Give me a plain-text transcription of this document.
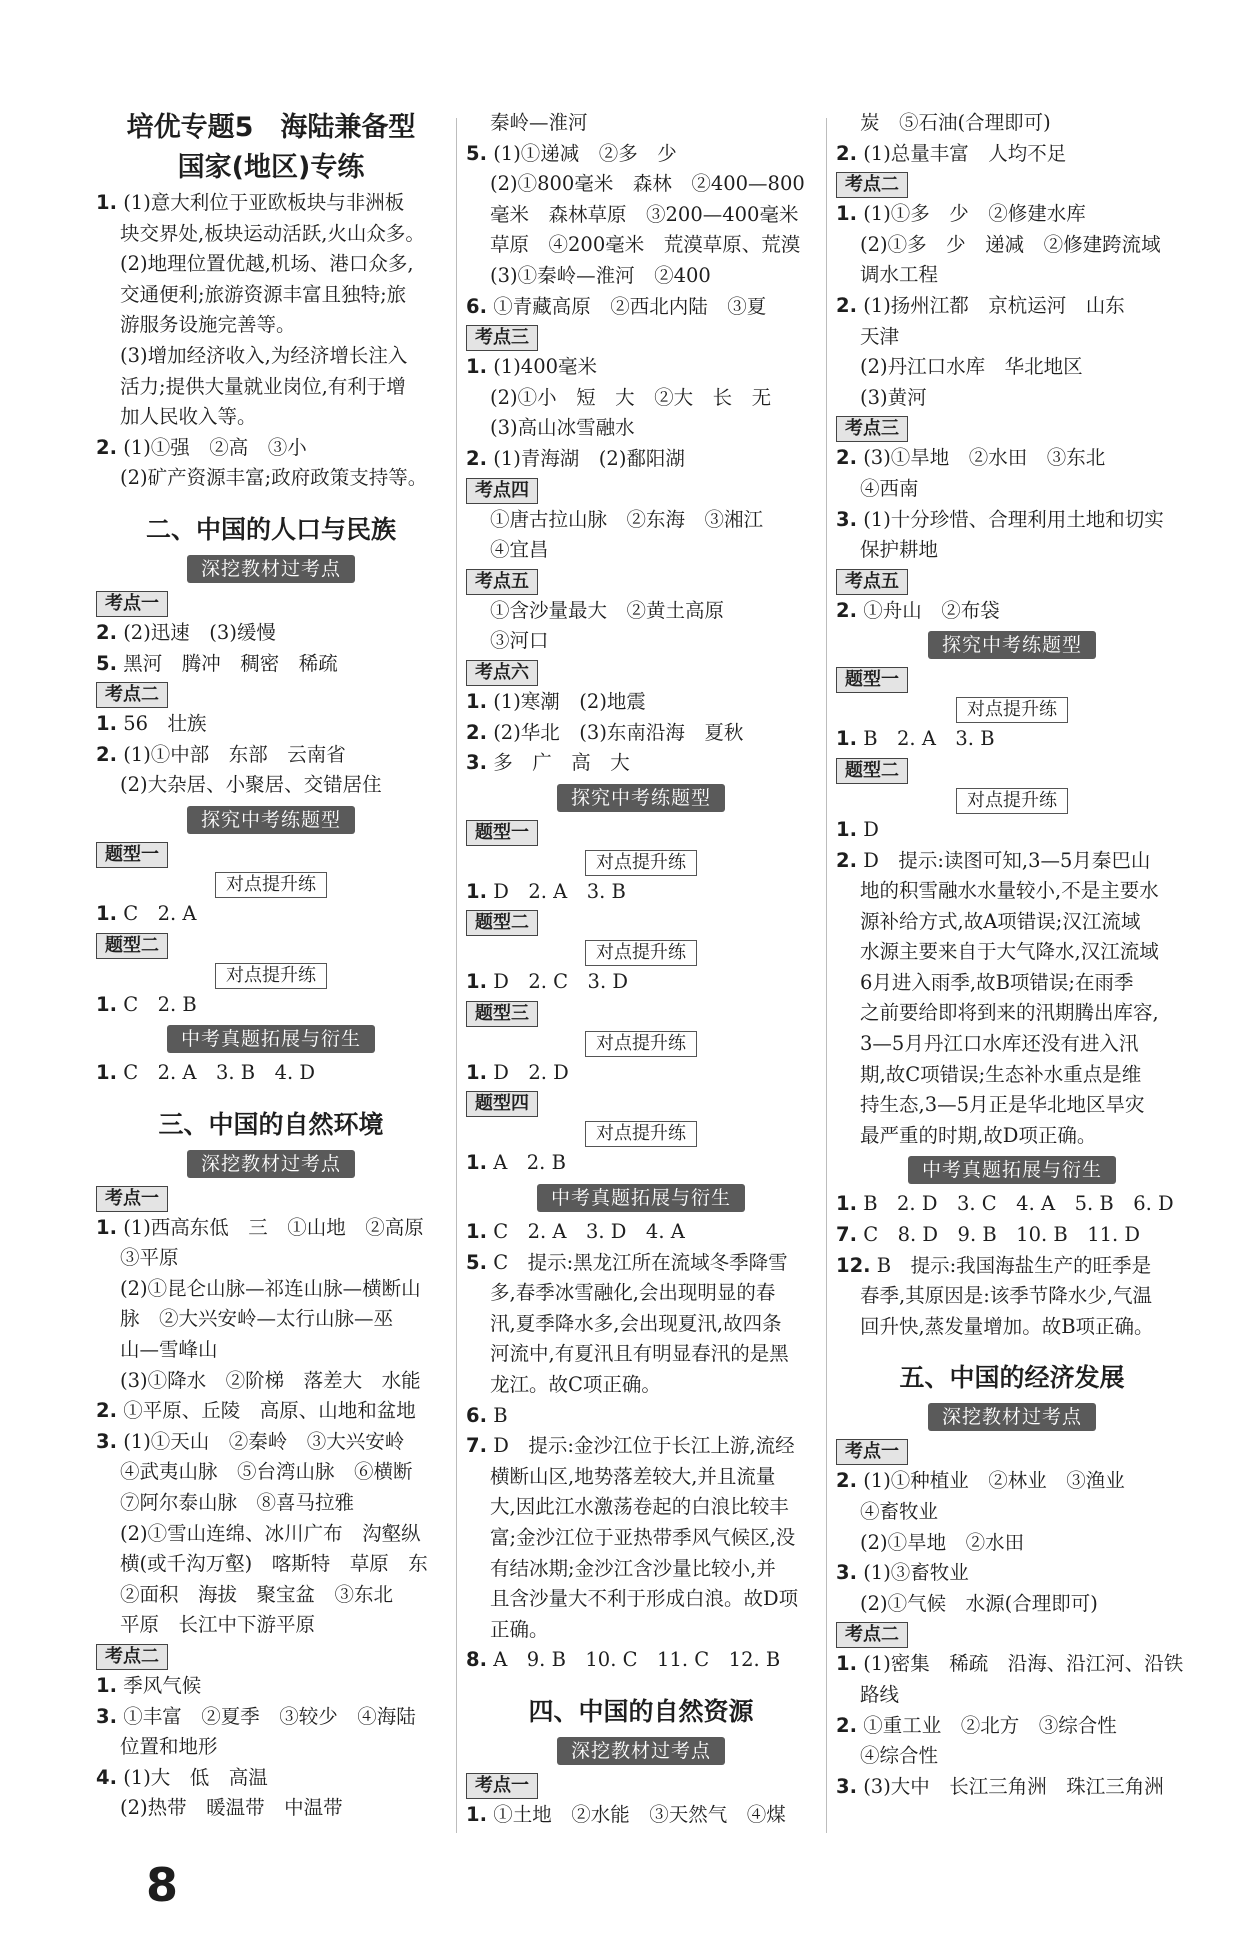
培优专题5　海陆兼备型
国家(地区)专练
1. (1)意大利位于亚欧板块与非洲板
块交界处,板块运动活跃,火山众多。
(2)地理位置优越,机场、港口众多,
交通便利;旅游资源丰富且独特;旅
游服务设施完善等。
(3)增加经济收入,为经济增长注入
活力;提供大量就业岗位,有利于增
加人民收入等。
2. (1)①强　②高　③小
(2)矿产资源丰富;政府政策支持等。
二、中国的人口与民族
深挖教材过考点
考点一
2. (2)迅速　(3)缓慢
5. 黑河　腾冲　稠密　稀疏
考点二
1. 56　壮族
2. (1)①中部　东部　云南省
(2)大杂居、小聚居、交错居住
探究中考练题型
题型一
对点提升练
1. C　2. A
题型二
对点提升练
1. C　2. B
中考真题拓展与衍生
1. C　2. A　3. B　4. D
三、中国的自然环境
深挖教材过考点
考点一
1. (1)西高东低　三　①山地　②高原
③平原
(2)①昆仑山脉—祁连山脉—横断山
脉　②大兴安岭—太行山脉—巫
山—雪峰山
(3)①降水　②阶梯　落差大　水能
2. ①平原、丘陵　高原、山地和盆地
3. (1)①天山　②秦岭　③大兴安岭
④武夷山脉　⑤台湾山脉　⑥横断
⑦阿尔泰山脉　⑧喜马拉雅
(2)①雪山连绵、冰川广布　沟壑纵
横(或千沟万壑)　喀斯特　草原　东
②面积　海拔　聚宝盆　③东北
平原　长江中下游平原
考点二
1. 季风气候
3. ①丰富　②夏季　③较少　④海陆
位置和地形
4. (1)大　低　高温
(2)热带　暖温带　中温带
秦岭—淮河
5. (1)①递减　②多　少
(2)①800毫米　森林　②400—800
毫米　森林草原　③200—400毫米
草原　④200毫米　荒漠草原、荒漠
(3)①秦岭—淮河　②400
6. ①青藏高原　②西北内陆　③夏
考点三
1. (1)400毫米
(2)①小　短　大　②大　长　无
(3)高山冰雪融水
2. (1)青海湖　(2)鄱阳湖
考点四
①唐古拉山脉　②东海　③湘江
④宜昌
考点五
①含沙量最大　②黄土高原
③河口
考点六
1. (1)寒潮　(2)地震
2. (2)华北　(3)东南沿海　夏秋
3. 多　广　高　大
探究中考练题型
题型一
对点提升练
1. D　2. A　3. B
题型二
对点提升练
1. D　2. C　3. D
题型三
对点提升练
1. D　2. D
题型四
对点提升练
1. A　2. B
中考真题拓展与衍生
1. C　2. A　3. D　4. A
5. C　提示:黑龙江所在流域冬季降雪
多,春季冰雪融化,会出现明显的春
汛,夏季降水多,会出现夏汛,故四条
河流中,有夏汛且有明显春汛的是黑
龙江。故C项正确。
6. B
7. D　提示:金沙江位于长江上游,流经
横断山区,地势落差较大,并且流量
大,因此江水激荡卷起的白浪比较丰
富;金沙江位于亚热带季风气候区,没
有结冰期;金沙江含沙量比较小,并
且含沙量大不利于形成白浪。故D项
正确。
8. A　9. B　10. C　11. C　12. B
四、中国的自然资源
深挖教材过考点
考点一
1. ①土地　②水能　③天然气　④煤
炭　⑤石油(合理即可)
2. (1)总量丰富　人均不足
考点二
1. (1)①多　少　②修建水库
(2)①多　少　递减　②修建跨流域
调水工程
2. (1)扬州江都　京杭运河　山东
天津
(2)丹江口水库　华北地区
(3)黄河
考点三
2. (3)①旱地　②水田　③东北
④西南
3. (1)十分珍惜、合理利用土地和切实
保护耕地
考点五
2. ①舟山　②布袋
探究中考练题型
题型一
对点提升练
1. B　2. A　3. B
题型二
对点提升练
1. D
2. D　提示:读图可知,3—5月秦巴山
地的积雪融水水量较小,不是主要水
源补给方式,故A项错误;汉江流域
水源主要来自于大气降水,汉江流域
6月进入雨季,故B项错误;在雨季
之前要给即将到来的汛期腾出库容,
3—5月丹江口水库还没有进入汛
期,故C项错误;生态补水重点是维
持生态,3—5月正是华北地区旱灾
最严重的时期,故D项正确。
中考真题拓展与衍生
1. B　2. D　3. C　4. A　5. B　6. D
7. C　8. D　9. B　10. B　11. D
12. B　提示:我国海盐生产的旺季是
春季,其原因是:该季节降水少,气温
回升快,蒸发量增加。故B项正确。
五、中国的经济发展
深挖教材过考点
考点一
2. (1)①种植业　②林业　③渔业
④畜牧业
(2)①旱地　②水田
3. (1)③畜牧业
(2)①气候　水源(合理即可)
考点二
1. (1)密集　稀疏　沿海、沿江河、沿铁
路线
2. ①重工业　②北方　③综合性
④综合性
3. (3)大中　长江三角洲　珠江三角洲
8
